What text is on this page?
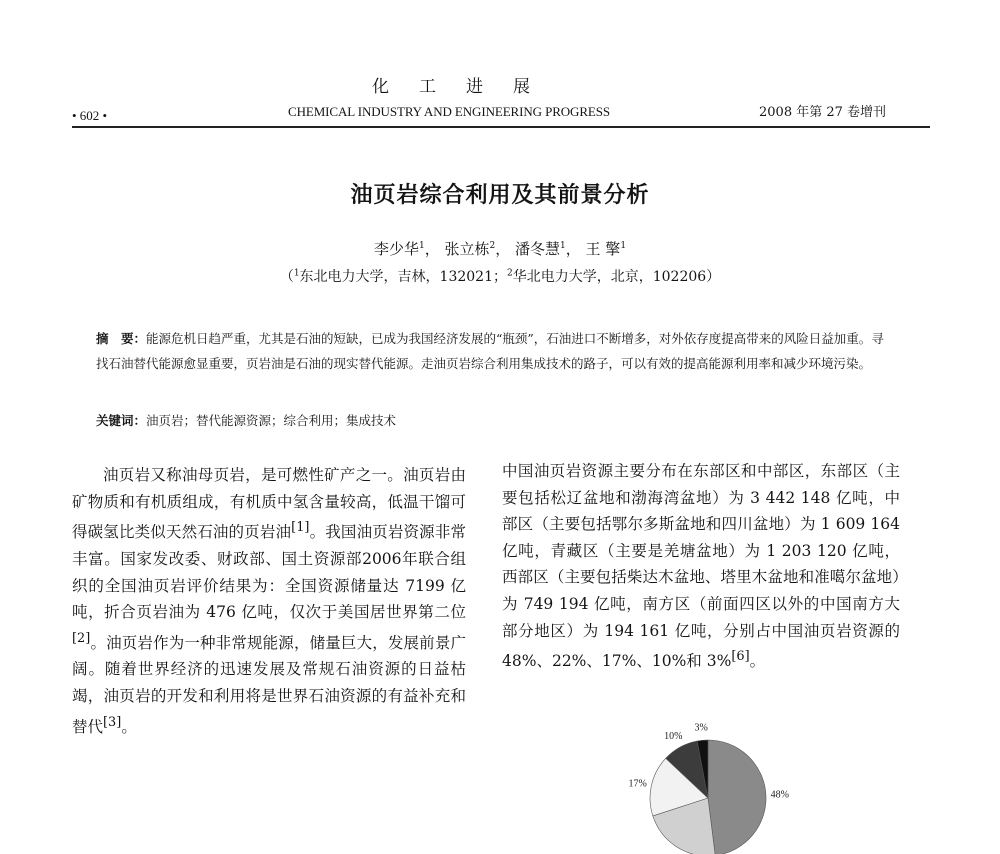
化工进展
CHEMICAL INDUSTRY AND ENGINEERING PROGRESS
• 602 •	2008 年第 27 卷增刊
油页岩综合利用及其前景分析
李少华$^1$， 张立栋$^2$， 潘冬慧$^1$， 王 擎$^1$
（$^1$东北电力大学，吉林，132021；$^2$华北电力大学，北京，102206）
摘　要：能源危机日趋严重，尤其是石油的短缺，已成为我国经济发展的“瓶颈”，石油进口不断增多，对外依存度提高带来的风险日益加重。寻找石油替代能源愈显重要，页岩油是石油的现实替代能源。走油页岩综合利用集成技术的路子，可以有效的提高能源利用率和减少环境污染。
关键词：油页岩；替代能源资源；综合利用；集成技术

油页岩又称油母页岩，是可燃性矿产之一。油页岩由矿物质和有机质组成，有机质中氢含量较高，低温干馏可得碳氢比类似天然石油的页岩油[1]。我国油页岩资源非常丰富。国家发改委、财政部、国土资源部2006年联合组织的全国油页岩评价结果为：全国资源储量达 7199 亿吨，折合页岩油为 476 亿吨，仅次于美国居世界第二位[2]。油页岩作为一种非常规能源，储量巨大，发展前景广阔。随着世界经济的迅速发展及常规石油资源的日益枯竭，油页岩的开发和利用将是世界石油资源的有益补充和替代[3]。

中国油页岩资源主要分布在东部区和中部区，东部区（主要包括松辽盆地和渤海湾盆地）为 3 442 148 亿吨，中部区（主要包括鄂尔多斯盆地和四川盆地）为 1 609 164 亿吨，青藏区（主要是羌塘盆地）为 1 203 120 亿吨，西部区（主要包括柴达木盆地、塔里木盆地和准噶尔盆地）为 749 194 亿吨，南方区（前面四区以外的中国南方大部分地区）为 194 161 亿吨，分别占中国油页岩资源的 48%、22%、17%、10%和 3%[6]。

48%
17%
10%
3%
